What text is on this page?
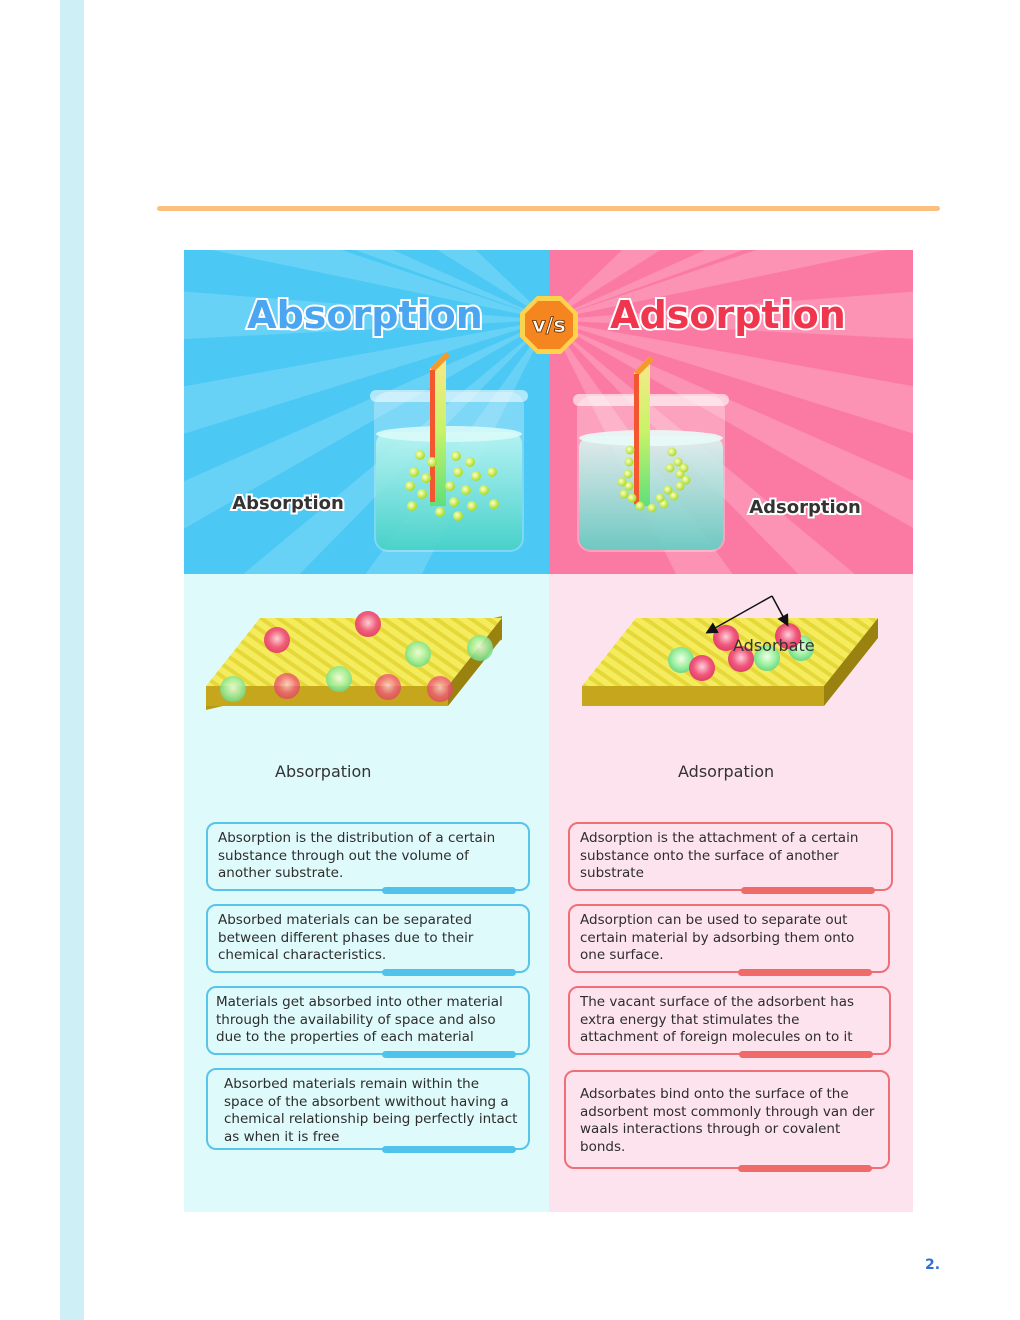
v/s
Absorption	Adsorption
Absorption	Adsorption
Adsorbate
Absorpation	Adsorpation
Absorption is the distribution of a certain substance through out the volume of another substrate.
Absorbed materials can be separated between different phases due to their chemical characteristics.
Materials get absorbed into other material through the availability of space and also due to the properties of each material
Absorbed materials remain within the space of the absorbent wwithout having a chemical relationship being perfectly intact as when it is free
Adsorption is the attachment of a certain substance onto the surface of another substrate
Adsorption can be used to separate out certain material by adsorbing them onto one surface.
The vacant surface of the adsorbent has extra energy that stimulates the attachment of foreign molecules on to it
Adsorbates bind onto the surface of the adsorbent most commonly through van der waals interactions through or covalent bonds.
2.
